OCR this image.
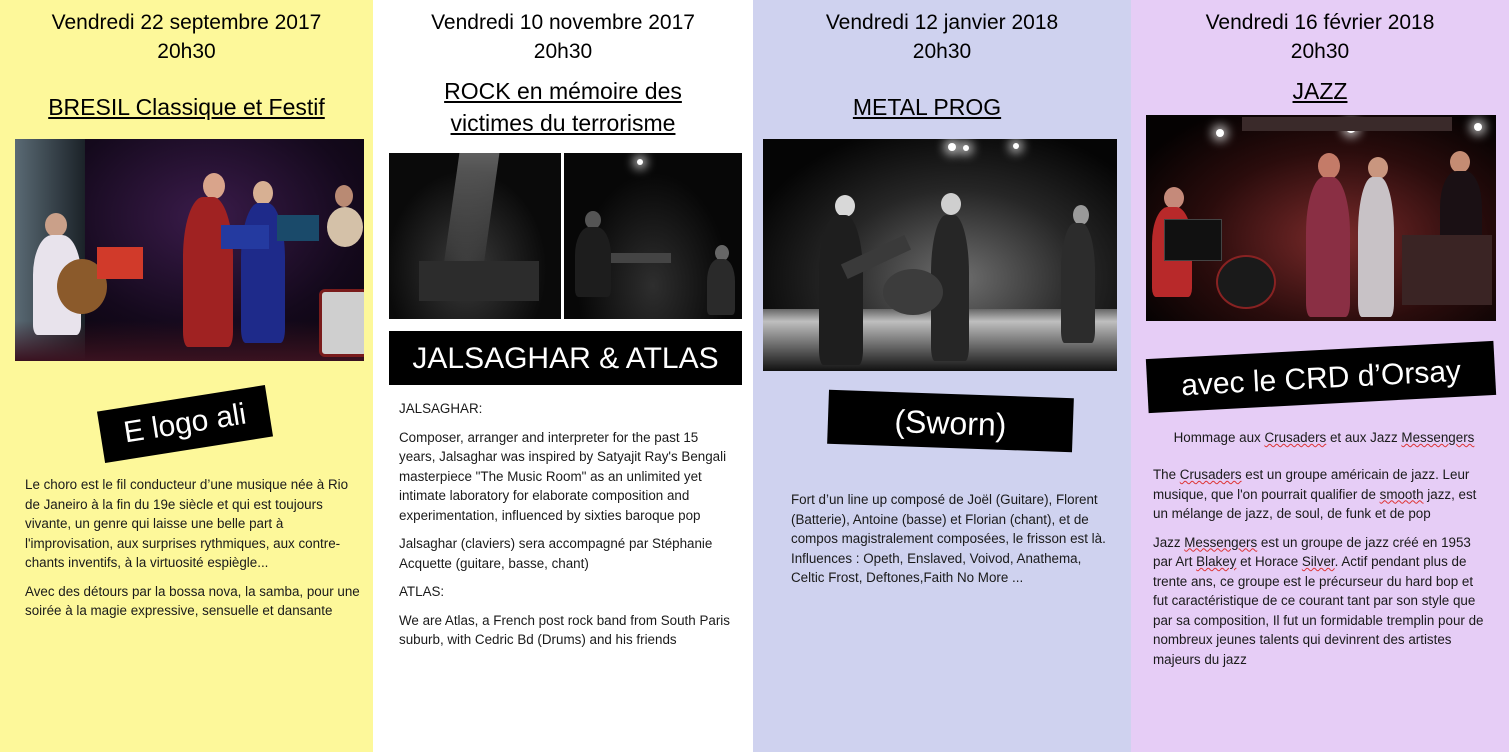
Vendredi 22 septembre 2017
20h30
BRESIL Classique et Festif
E logo ali

Le choro est le fil conducteur d’une musique née à Rio de Janeiro à la fin du 19e siècle et qui est toujours vivante, un genre qui laisse une belle part à l'improvisation, aux surprises rythmiques, aux contre-chants inventifs, à la virtuosité espiègle...

Avec des détours par la bossa nova, la samba, pour une soirée à la magie expressive, sensuelle et dansante

Vendredi 10 novembre 2017
20h30
ROCK en mémoire des
victimes du terrorisme
JALSAGHAR & ATLAS

JALSAGHAR:

Composer, arranger and interpreter for the past 15 years, Jalsaghar was inspired by Satyajit Ray's Bengali masterpiece "The Music Room" as an unlimited yet intimate laboratory for elaborate composition and experimentation, influenced by sixties baroque pop

Jalsaghar (claviers) sera accompagné par Stéphanie Acquette (guitare, basse, chant)

ATLAS:

We are Atlas, a French post rock band from South Paris suburb, with Cedric Bd (Drums) and his friends

Vendredi 12 janvier 2018
20h30
METAL PROG
(Sworn)
Fort d’un line up composé de Joël (Guitare), Florent (Batterie), Antoine (basse) et Florian (chant), et de compos magistralement composées, le frisson est là.
Influences : Opeth, Enslaved, Voivod, Anathema, Celtic Frost, Deftones,Faith No More ...
Vendredi 16 février 2018
20h30
JAZZ
avec le CRD d’Orsay
Hommage aux Crusaders et aux Jazz Messengers

The Crusaders est un groupe américain de jazz. Leur musique, que l'on pourrait qualifier de smooth jazz, est un mélange de jazz, de soul, de funk et de pop

Jazz Messengers est un groupe de jazz créé en 1953 par Art Blakey et Horace Silver. Actif pendant plus de trente ans, ce groupe est le précurseur du hard bop et fut caractéristique de ce courant tant par son style que par sa composition, Il fut un formidable tremplin pour de nombreux jeunes talents qui devinrent des artistes majeurs du jazz
